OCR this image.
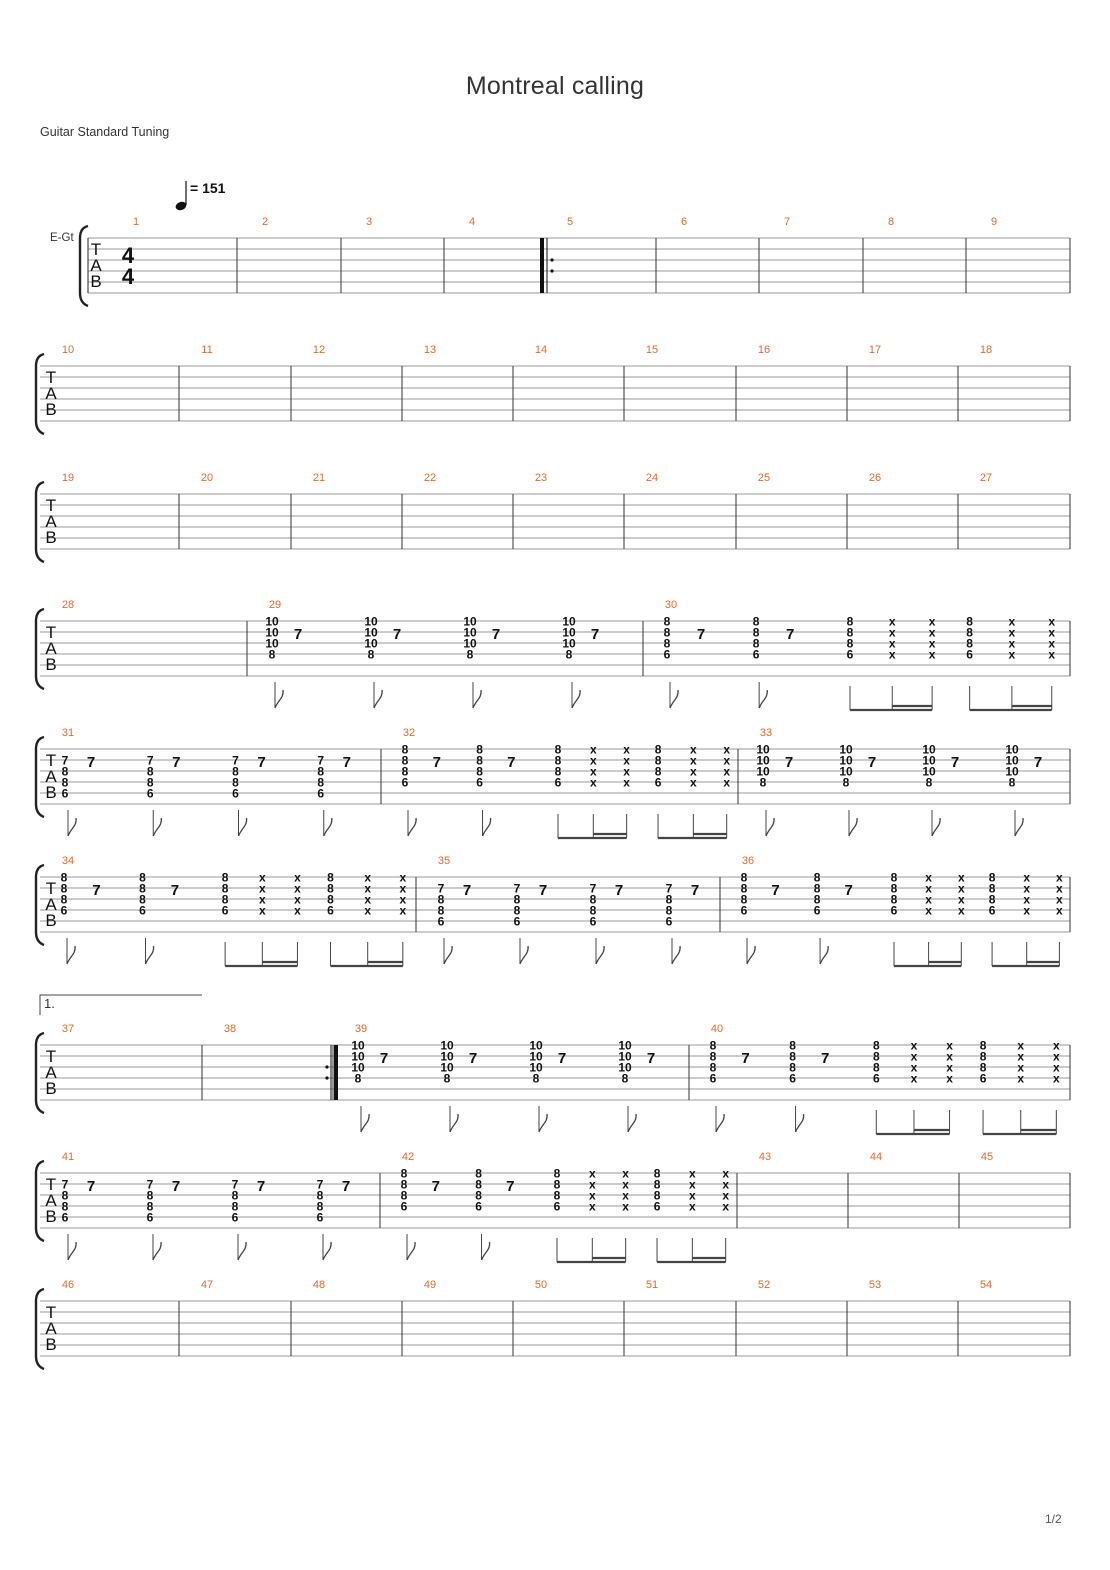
Montreal calling
Guitar Standard Tuning
1/2
= 151
E-Gt
T
A
B
4
4
1	2	3	4	5	6	7	8	9
T
A
B
10	11	12	13	14	15	16	17	18
T
A
B
19	20	21	22	23	24	25	26	27
T
A
B
28	29
10
10
10
8
7
10
10
10
8
7
10
10
10
8
7
10
10
10
8
7
30
8
8
8
6
7
8
8
8
6
7
8
8
8
6
x
x
x
x
x
x
x
x
8
8
8
6
x
x
x
x
x
x
x
x
T
A
B
31
7
8
8
6
7	7
8
8
6
7	7
8
8
6
7	7
8
8
6
7
32
8
8
8
6
7
8
8
8
6
7
8
8
8
6
x
x
x
x
x
x
x
x
8
8
8
6
x
x
x
x
x
x
x
x
33
10
10
10
8
7
10
10
10
8
7
10
10
10
8
7
10
10
10
8
7
T
A
B
34
8
8
8
6
7
8
8
8
6
7
8
8
8
6
x
x
x
x
x
x
x
x
8
8
8
6
x
x
x
x
x
x
x
x
35
7
8
8
6
7	7
8
8
6
7	7
8
8
6
7	7
8
8
6
7
36
8
8
8
6
7
8
8
8
6
7
8
8
8
6
x
x
x
x
x
x
x
x
8
8
8
6
x
x
x
x
x
x
x
x
T
A
B
37	38	39
10
10
10
8
7
10
10
10
8
7
10
10
10
8
7
10
10
10
8
7
40
8
8
8
6
7
8
8
8
6
7
8
8
8
6
x
x
x
x
x
x
x
x
8
8
8
6
x
x
x
x
x
x
x
x
1.
T
A
B
41
7
8
8
6
7	7
8
8
6
7	7
8
8
6
7	7
8
8
6
7
42
8
8
8
6
7
8
8
8
6
7
8
8
8
6
x
x
x
x
x
x
x
x
8
8
8
6
x
x
x
x
x
x
x
x
43	44	45
T
A
B
46	47	48	49	50	51	52	53	54
